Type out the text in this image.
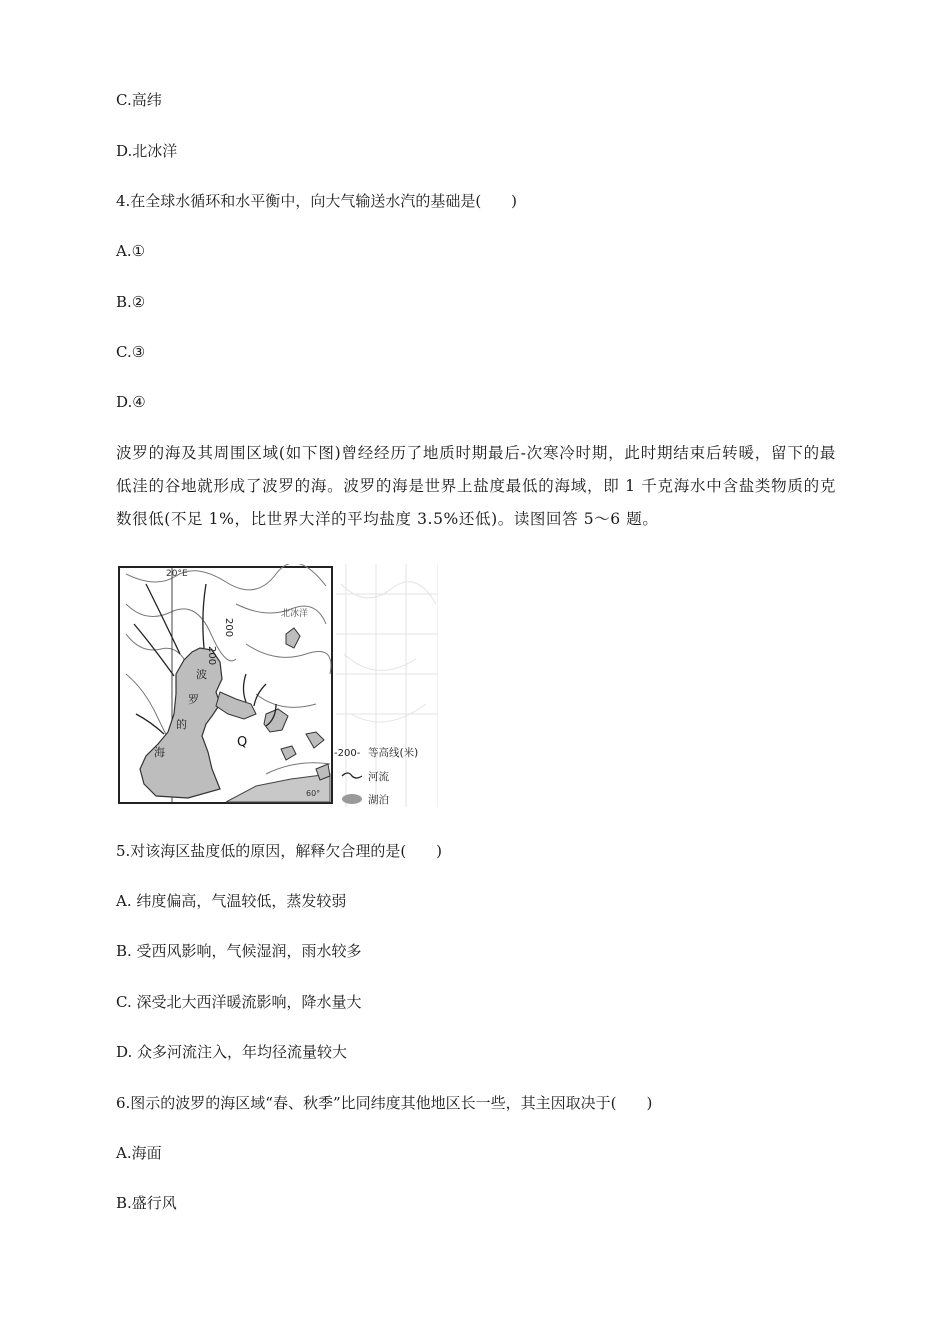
C.高纬
D.北冰洋
4.在全球水循环和水平衡中，向大气输送水汽的基础是(　　)
A.①
B.②
C.③
D.④
波罗的海及其周围区域(如下图)曾经经历了地质时期最后-次寒冷时期，此时期结束后转暖，留下的最低洼的谷地就形成了波罗的海。波罗的海是世界上盐度最低的海域，即 1 千克海水中含盐类物质的克数很低(不足 1%，比世界大洋的平均盐度 3.5%还低)。读图回答 5～6 题。
20°E
波
罗
的
海
200
200
Q
北冰洋
60°
-200- 等高线(米)
河流
湖泊
5.对该海区盐度低的原因，解释欠合理的是(　　)
A. 纬度偏高，气温较低，蒸发较弱
B. 受西风影响，气候湿润，雨水较多
C. 深受北大西洋暖流影响，降水量大
D. 众多河流注入，年均径流量较大
6.图示的波罗的海区域“春、秋季”比同纬度其他地区长一些，其主因取决于(　　)
A.海面
B.盛行风
